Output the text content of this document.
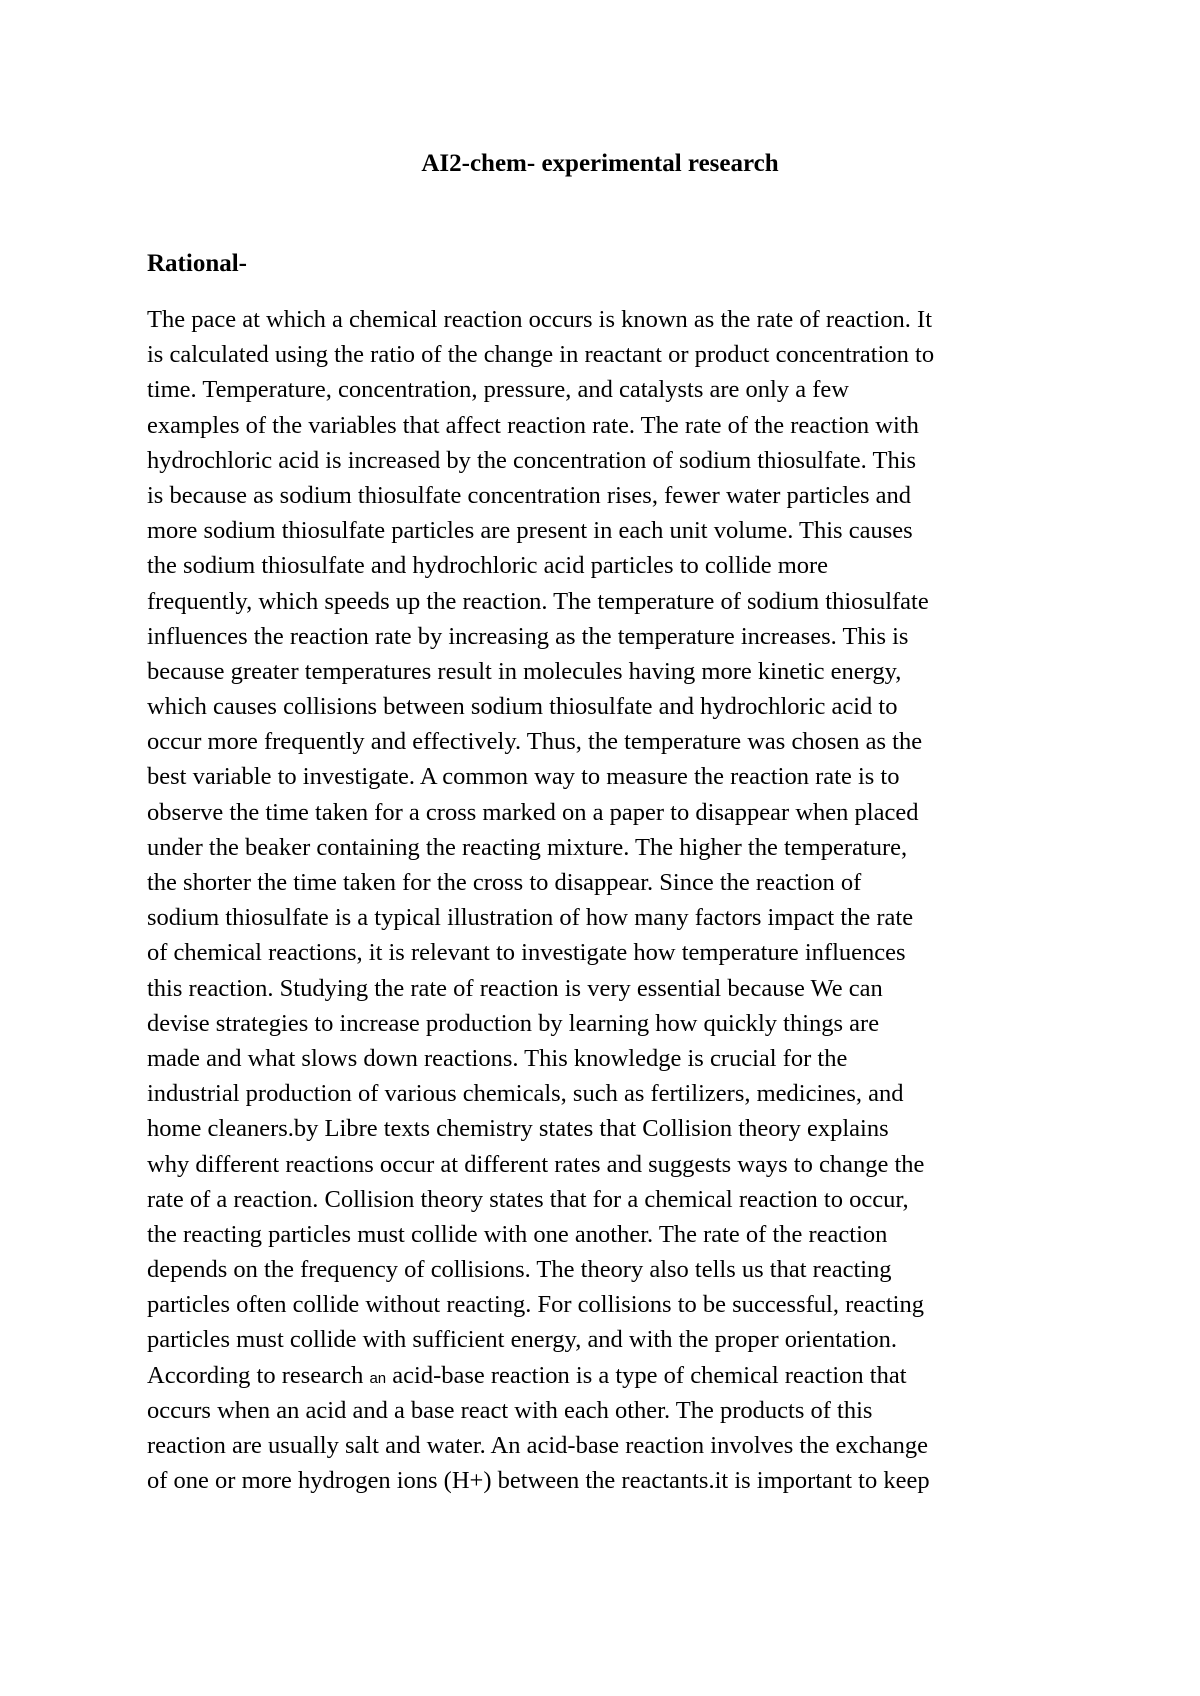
AI2-chem- experimental research
Rational-
The pace at which a chemical reaction occurs is known as the rate of reaction. It
is calculated using the ratio of the change in reactant or product concentration to
time. Temperature, concentration, pressure, and catalysts are only a few
examples of the variables that affect reaction rate. The rate of the reaction with
hydrochloric acid is increased by the concentration of sodium thiosulfate. This
is because as sodium thiosulfate concentration rises, fewer water particles and
more sodium thiosulfate particles are present in each unit volume. This causes
the sodium thiosulfate and hydrochloric acid particles to collide more
frequently, which speeds up the reaction. The temperature of sodium thiosulfate
influences the reaction rate by increasing as the temperature increases. This is
because greater temperatures result in molecules having more kinetic energy,
which causes collisions between sodium thiosulfate and hydrochloric acid to
occur more frequently and effectively. Thus, the temperature was chosen as the
best variable to investigate. A common way to measure the reaction rate is to
observe the time taken for a cross marked on a paper to disappear when placed
under the beaker containing the reacting mixture. The higher the temperature,
the shorter the time taken for the cross to disappear. Since the reaction of
sodium thiosulfate is a typical illustration of how many factors impact the rate
of chemical reactions, it is relevant to investigate how temperature influences
this reaction. Studying the rate of reaction is very essential because We can
devise strategies to increase production by learning how quickly things are
made and what slows down reactions. This knowledge is crucial for the
industrial production of various chemicals, such as fertilizers, medicines, and
home cleaners.by Libre texts chemistry states that Collision theory explains
why different reactions occur at different rates and suggests ways to change the
rate of a reaction. Collision theory states that for a chemical reaction to occur,
the reacting particles must collide with one another. The rate of the reaction
depends on the frequency of collisions. The theory also tells us that reacting
particles often collide without reacting. For collisions to be successful, reacting
particles must collide with sufficient energy, and with the proper orientation.
According to research an acid-base reaction is a type of chemical reaction that
occurs when an acid and a base react with each other. The products of this
reaction are usually salt and water. An acid-base reaction involves the exchange
of one or more hydrogen ions (H+) between the reactants.it is important to keep
